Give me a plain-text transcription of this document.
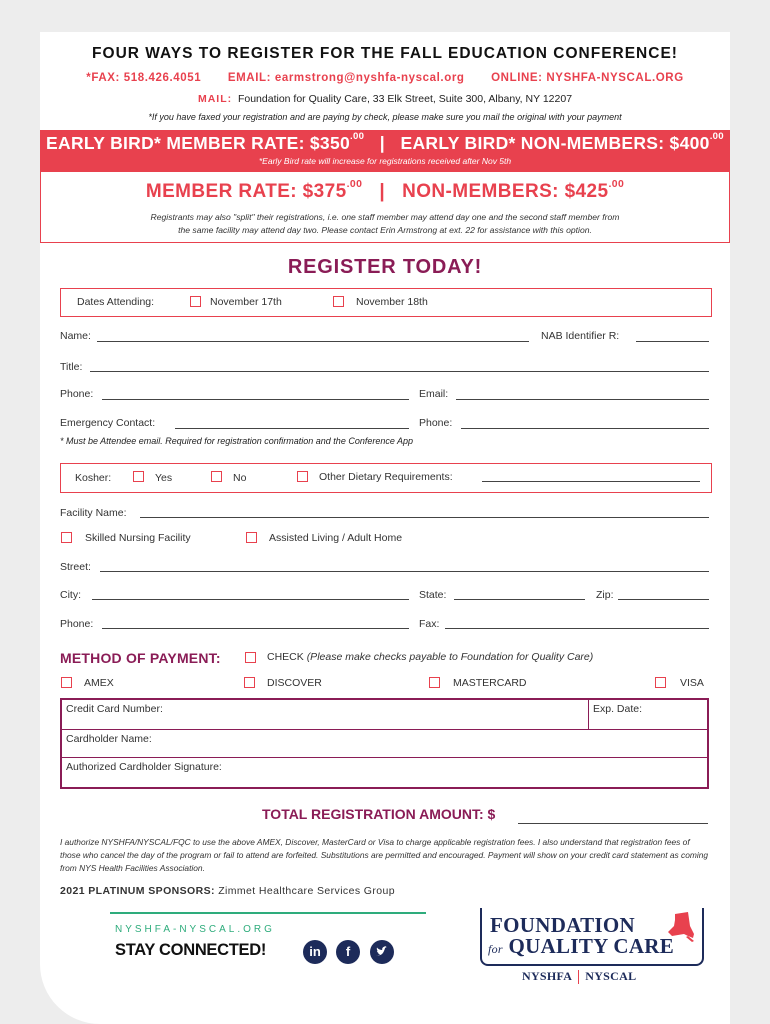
FOUR WAYS TO REGISTER FOR THE FALL EDUCATION CONFERENCE!
*FAX: 518.426.4051 EMAIL: earmstrong@nyshfa-nyscal.org ONLINE: NYSHFA-NYSCAL.ORG
MAIL: Foundation for Quality Care, 33 Elk Street, Suite 300, Albany, NY 12207
*If you have faxed your registration and are paying by check, please make sure you mail the original with your payment
EARLY BIRD* MEMBER RATE: $\$350^{.00}$ | EARLY BIRD* NON-MEMBERS: $\$400^{.00}$
*Early Bird rate will increase for registrations received after Nov 5th
MEMBER RATE: $\$375^{.00}$ | NON-MEMBERS: $\$425^{.00}$
Registrants may also "split" their registrations, i.e. one staff member may attend day one and the second staff member from
the same facility may attend day two. Please contact Erin Armstrong at ext. 22 for assistance with this option.
REGISTER TODAY!
Dates Attending:	November 17th	November 18th
Name:	NAB Identifier R:
Title:
Phone:	Email:
Emergency Contact:	Phone:
* Must be Attendee email. Required for registration confirmation and the Conference App
Kosher:	Yes	No	Other Dietary Requirements:
Facility Name:
Skilled Nursing Facility	Assisted Living / Adult Home
Street:
City:	State:	Zip:
Phone:	Fax:
METHOD OF PAYMENT:	CHECK (Please make checks payable to Foundation for Quality Care)
AMEX	DISCOVER	MASTERCARD	VISA
Credit Card Number:	Exp. Date:
Cardholder Name:
Authorized Cardholder Signature:
TOTAL REGISTRATION AMOUNT: $
I authorize NYSHFA/NYSCAL/FQC to use the above AMEX, Discover, MasterCard or Visa to charge applicable registration fees. I also understand that registration fees of those who cancel the day of the program or fail to attend are forfeited. Substitutions are permitted and encouraged. Payment will show on your credit card statement as coming from NYS Health Facilities Association.
2021 PLATINUM SPONSORS: Zimmet Healthcare Services Group
NYSHFA-NYSCAL.ORG
STAY CONNECTED!	in	f
FOUNDATION
for QUALITY CARE
NYSHFA NYSCAL
